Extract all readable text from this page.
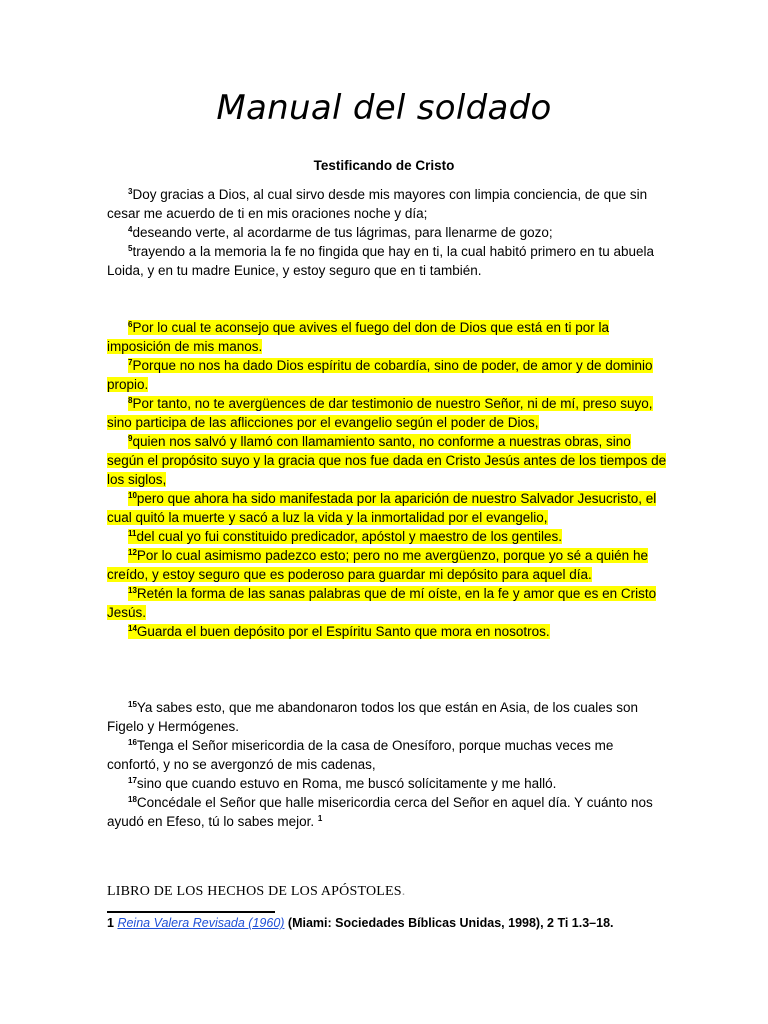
Manual del soldado
Testificando de Cristo

$^3$Doy gracias a Dios, al cual sirvo desde mis mayores con limpia conciencia, de que sin cesar me acuerdo de ti en mis oraciones noche y día;

$^4$deseando verte, al acordarme de tus lágrimas, para llenarme de gozo;

$^5$trayendo a la memoria la fe no fingida que hay en ti, la cual habitó primero en tu abuela Loida, y en tu madre Eunice, y estoy seguro que en ti también.

$^6$Por lo cual te aconsejo que avives el fuego del don de Dios que está en ti por la imposición de mis manos.

$^7$Porque no nos ha dado Dios espíritu de cobardía, sino de poder, de amor y de dominio propio.

$^8$Por tanto, no te avergüences de dar testimonio de nuestro Señor, ni de mí, preso suyo, sino participa de las aflicciones por el evangelio según el poder de Dios,

$^9$quien nos salvó y llamó con llamamiento santo, no conforme a nuestras obras, sino según el propósito suyo y la gracia que nos fue dada en Cristo Jesús antes de los tiempos de los siglos,

$^{10}$pero que ahora ha sido manifestada por la aparición de nuestro Salvador Jesucristo, el cual quitó la muerte y sacó a luz la vida y la inmortalidad por el evangelio,

$^{11}$del cual yo fui constituido predicador, apóstol y maestro de los gentiles.

$^{12}$Por lo cual asimismo padezco esto; pero no me avergüenzo, porque yo sé a quién he creído, y estoy seguro que es poderoso para guardar mi depósito para aquel día.

$^{13}$Retén la forma de las sanas palabras que de mí oíste, en la fe y amor que es en Cristo Jesús.

$^{14}$Guarda el buen depósito por el Espíritu Santo que mora en nosotros.

$^{15}$Ya sabes esto, que me abandonaron todos los que están en Asia, de los cuales son Figelo y Hermógenes.

$^{16}$Tenga el Señor misericordia de la casa de Onesíforo, porque muchas veces me confortó, y no se avergonzó de mis cadenas,

$^{17}$sino que cuando estuvo en Roma, me buscó solícitamente y me halló.

$^{18}$Concédale el Señor que halle misericordia cerca del Señor en aquel día. Y cuánto nos ayudó en Efeso, tú lo sabes mejor. $^1$

LIBRO DE LOS HECHOS DE LOS APÓSTOLES.
1 Reina Valera Revisada (1960) (Miami: Sociedades Bíblicas Unidas, 1998), 2 Ti 1.3–18.
